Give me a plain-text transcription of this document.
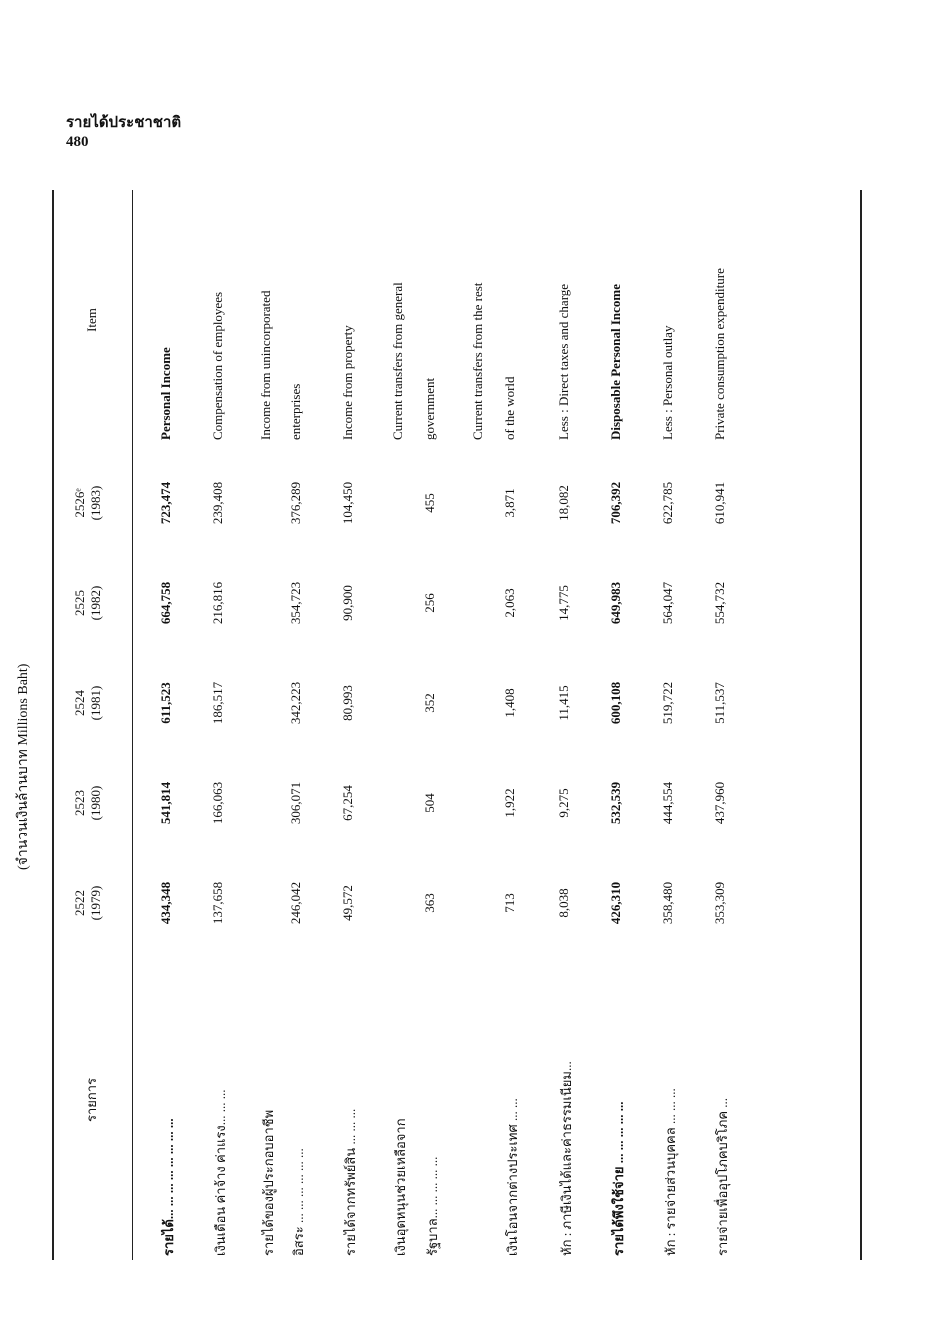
รายได้ประชาชาติ
480

(จำนวนเงินล้านบาท Millions Baht)
รายการ
2522 (1979)
2523 (1980)
2524 (1981)
2525 (1982)
2526ᵉ (1983)
Item
รายได้... ... ... ... ... ... ... ...
434,348
541,814
611,523
664,758
723,474
Personal Income
เงินเดือน ค่าจ้าง ค่าแรง... ... ...
137,658
166,063
186,517
216,816
239,408
Compensation of employees
รายได้ของผู้ประกอบอาชีพ
Income from unincorporated
อิสระ ... ... ... ... ... ...
246,042
306,071
342,223
354,723
376,289
enterprises
รายได้จากทรัพย์สิน ... ... ...
49,572
67,254
80,993
90,900
104,450
Income from property
เงินอุดหนุนช่วยเหลือจาก
Current transfers from general
รัฐบาล... ... ... ... ...
363
504
352
256
455
government	Current transfers from the rest
เงินโอนจากต่างประเทศ ... ...
713
1,922
1,408
2,063
3,871
of the world
หัก : ภาษีเงินได้และค่าธรรมเนียม...
8,038
9,275
11,415
14,775
18,082
Less : Direct taxes and charge
รายได้พึงใช้จ่าย ... ... ... ... ...
426,310
532,539
600,108
649,983
706,392
Disposable Personal Income
หัก : รายจ่ายส่วนบุคคล ... ... ...
358,480
444,554
519,722
564,047
622,785
Less : Personal outlay
รายจ่ายเพื่ออุปโภคบริโภค ...
353,309
437,960
511,537
554,732
610,941
Private consumption expenditure
